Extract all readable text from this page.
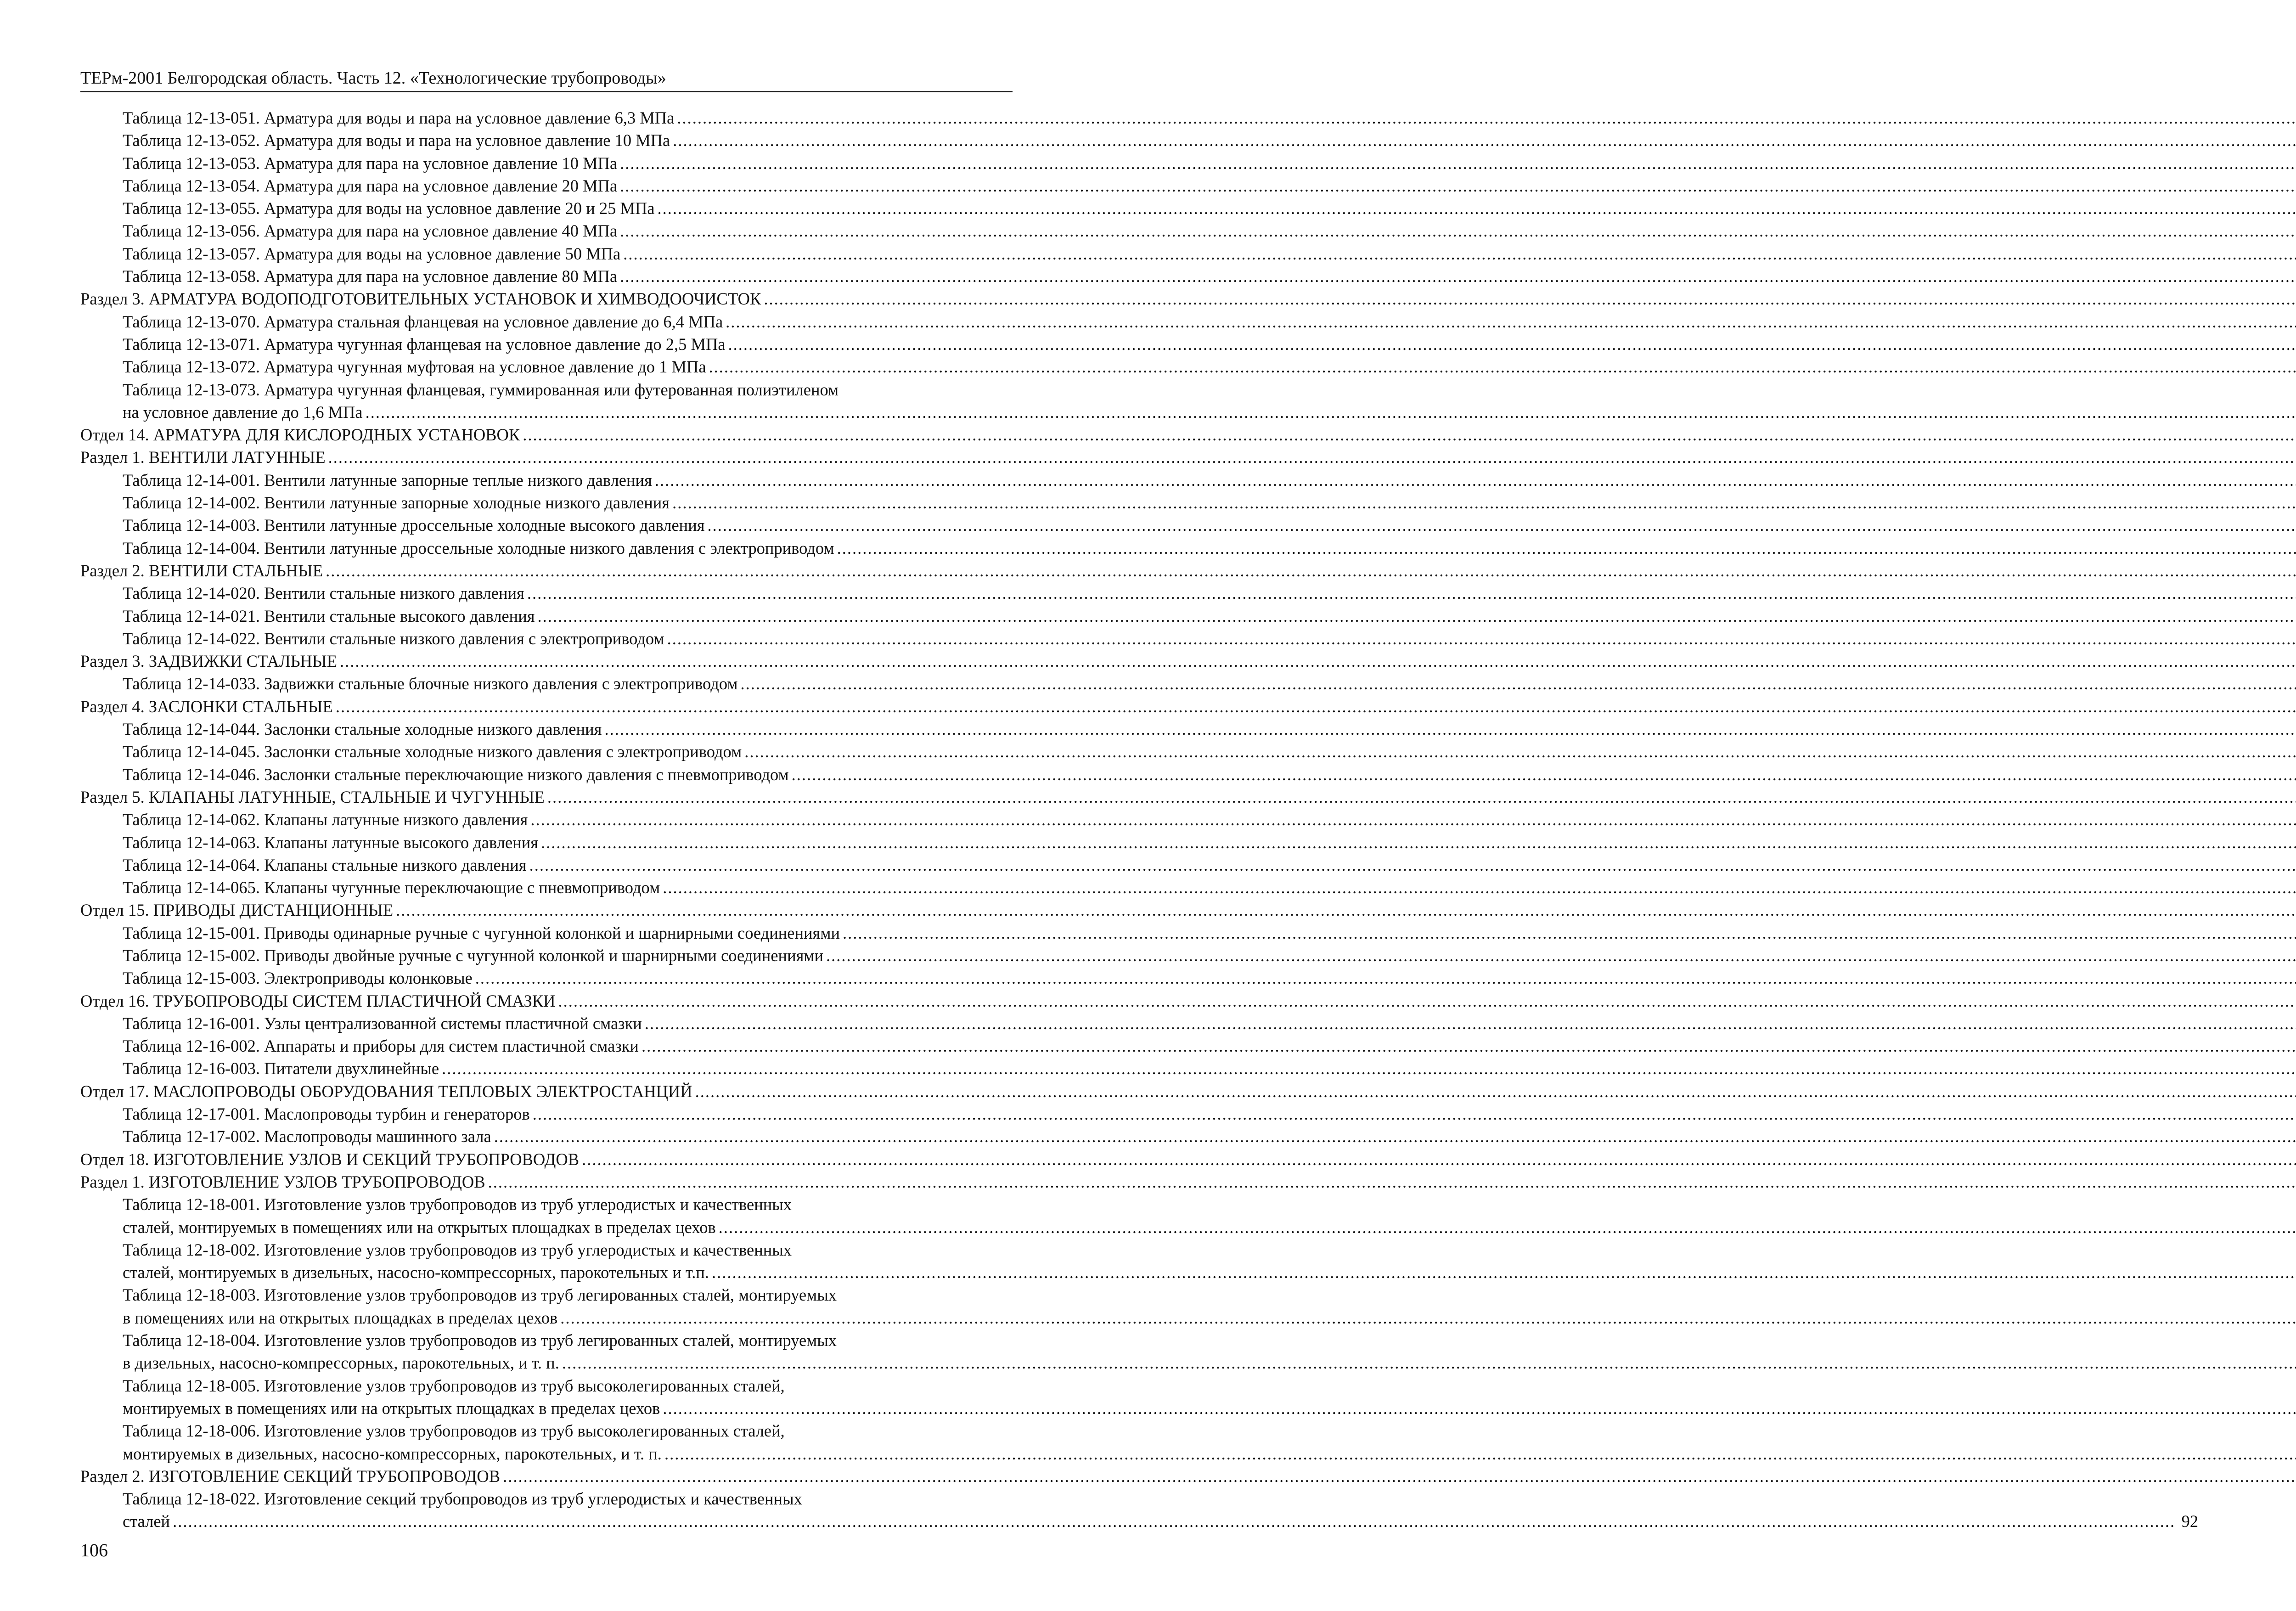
ТЕРм-2001 Белгородская область. Часть 12. «Технологические трубопроводы»
Таблица 12-13-051. Арматура для воды и пара на условное давление 6,3 МПа
.....
Таблица 12-13-052. Арматура для воды и пара на условное давление 10 МПа
.....
Таблица 12-13-053. Арматура для пара на условное давление 10 МПа
.....
Таблица 12-13-054. Арматура для пара на условное давление 20 МПа
.....
Таблица 12-13-055. Арматура для воды на условное давление 20 и 25 МПа
.....
Таблица 12-13-056. Арматура для пара на условное давление 40 МПа
.....
Таблица 12-13-057. Арматура для воды на условное давление 50 МПа
.....
Таблица 12-13-058. Арматура для пара на условное давление 80 МПа
.....
Раздел 3. АРМАТУРА ВОДОПОДГОТОВИТЕЛЬНЫХ УСТАНОВОК И ХИМВОДООЧИСТОК
.....
Таблица 12-13-070. Арматура стальная фланцевая на условное давление до 6,4 МПа
.....
Таблица 12-13-071. Арматура чугунная фланцевая на условное давление до 2,5 МПа
.....
Таблица 12-13-072. Арматура чугунная муфтовая на условное давление до 1 МПа
.....
Таблица 12-13-073. Арматура чугунная фланцевая, гуммированная или футерованная полиэтиленом
на условное давление до 1,6 МПа
.....
Отдел 14. АРМАТУРА ДЛЯ КИСЛОРОДНЫХ УСТАНОВОК
.....
Раздел 1. ВЕНТИЛИ ЛАТУННЫЕ
.....
Таблица 12-14-001. Вентили латунные запорные теплые низкого давления
.....
Таблица 12-14-002. Вентили латунные запорные холодные низкого давления
.....
Таблица 12-14-003. Вентили латунные дроссельные холодные высокого давления
.....
Таблица 12-14-004. Вентили латунные дроссельные холодные низкого давления с электроприводом
.....
Раздел 2. ВЕНТИЛИ СТАЛЬНЫЕ
.....
Таблица 12-14-020. Вентили стальные низкого давления
.....
Таблица 12-14-021. Вентили стальные высокого давления
.....
Таблица 12-14-022. Вентили стальные низкого давления с электроприводом
.....
Раздел 3. ЗАДВИЖКИ СТАЛЬНЫЕ
.....
Таблица 12-14-033. Задвижки стальные блочные низкого давления с электроприводом
.....
Раздел 4. ЗАСЛОНКИ СТАЛЬНЫЕ
.....
Таблица 12-14-044. Заслонки стальные холодные низкого давления
.....
Таблица 12-14-045. Заслонки стальные холодные низкого давления с электроприводом
.....
Таблица 12-14-046. Заслонки стальные переключающие низкого давления с пневмоприводом
.....
Раздел 5. КЛАПАНЫ ЛАТУННЫЕ, СТАЛЬНЫЕ И ЧУГУННЫЕ
.....
Таблица 12-14-062. Клапаны латунные низкого давления
.....
Таблица 12-14-063. Клапаны латунные высокого давления
.....
Таблица 12-14-064. Клапаны стальные низкого давления
.....
Таблица 12-14-065. Клапаны чугунные переключающие с пневмоприводом
.....
Отдел 15. ПРИВОДЫ ДИСТАНЦИОННЫЕ
.....
Таблица 12-15-001. Приводы одинарные ручные с чугунной колонкой и шарнирными соединениями
.....
Таблица 12-15-002. Приводы двойные ручные с чугунной колонкой и шарнирными соединениями
.....
Таблица 12-15-003. Электроприводы колонковые
.....
Отдел 16. ТРУБОПРОВОДЫ СИСТЕМ ПЛАСТИЧНОЙ СМАЗКИ
.....
Таблица 12-16-001. Узлы централизованной системы пластичной смазки
.....
Таблица 12-16-002. Аппараты и приборы для систем пластичной смазки
.....
Таблица 12-16-003. Питатели двухлинейные
.....
Отдел 17. МАСЛОПРОВОДЫ ОБОРУДОВАНИЯ ТЕПЛОВЫХ ЭЛЕКТРОСТАНЦИЙ
.....
Таблица 12-17-001. Маслопроводы турбин и генераторов
.....
Таблица 12-17-002. Маслопроводы машинного зала
.....
Отдел 18. ИЗГОТОВЛЕНИЕ УЗЛОВ И СЕКЦИЙ ТРУБОПРОВОДОВ
.....
Раздел 1. ИЗГОТОВЛЕНИЕ УЗЛОВ ТРУБОПРОВОДОВ
.....
Таблица 12-18-001. Изготовление узлов трубопроводов из труб углеродистых и качественных
сталей, монтируемых в помещениях или на открытых площадках в пределах цехов
.....
Таблица 12-18-002. Изготовление узлов трубопроводов из труб углеродистых и качественных
сталей, монтируемых в дизельных, насосно-компрессорных, парокотельных и т.п.
.....
Таблица 12-18-003. Изготовление узлов трубопроводов из труб легированных сталей, монтируемых
в помещениях или на открытых площадках в пределах цехов
.....
Таблица 12-18-004. Изготовление узлов трубопроводов из труб легированных сталей, монтируемых
в дизельных, насосно-компрессорных, парокотельных, и т. п.
.....
Таблица 12-18-005. Изготовление узлов трубопроводов из труб высоколегированных сталей,
монтируемых в помещениях или на открытых площадках в пределах цехов
.....
Таблица 12-18-006. Изготовление узлов трубопроводов из труб высоколегированных сталей,
монтируемых в дизельных, насосно-компрессорных, парокотельных, и т. п.
.....
Раздел 2. ИЗГОТОВЛЕНИЕ СЕКЦИЙ ТРУБОПРОВОДОВ
.....
Таблица 12-18-022. Изготовление секций трубопроводов из труб углеродистых и качественных
сталей
.....	92
106
